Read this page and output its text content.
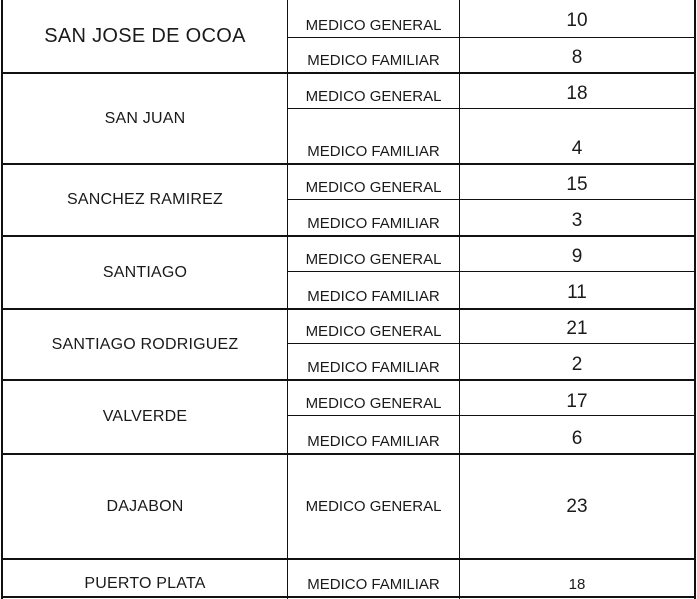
SAN JOSE DE OCOA	MEDICO GENERAL	10
MEDICO FAMILIAR	8
SAN JUAN
MEDICO GENERAL	18
MEDICO FAMILIAR	4
SANCHEZ RAMIREZ
MEDICO GENERAL	15
MEDICO FAMILIAR	3
SANTIAGO
MEDICO GENERAL	9
MEDICO FAMILIAR	11
SANTIAGO RODRIGUEZ
MEDICO GENERAL	21
MEDICO FAMILIAR	2
VALVERDE
MEDICO GENERAL	17
MEDICO FAMILIAR	6
DAJABON	MEDICO GENERAL	23
PUERTO PLATA	MEDICO FAMILIAR	18
